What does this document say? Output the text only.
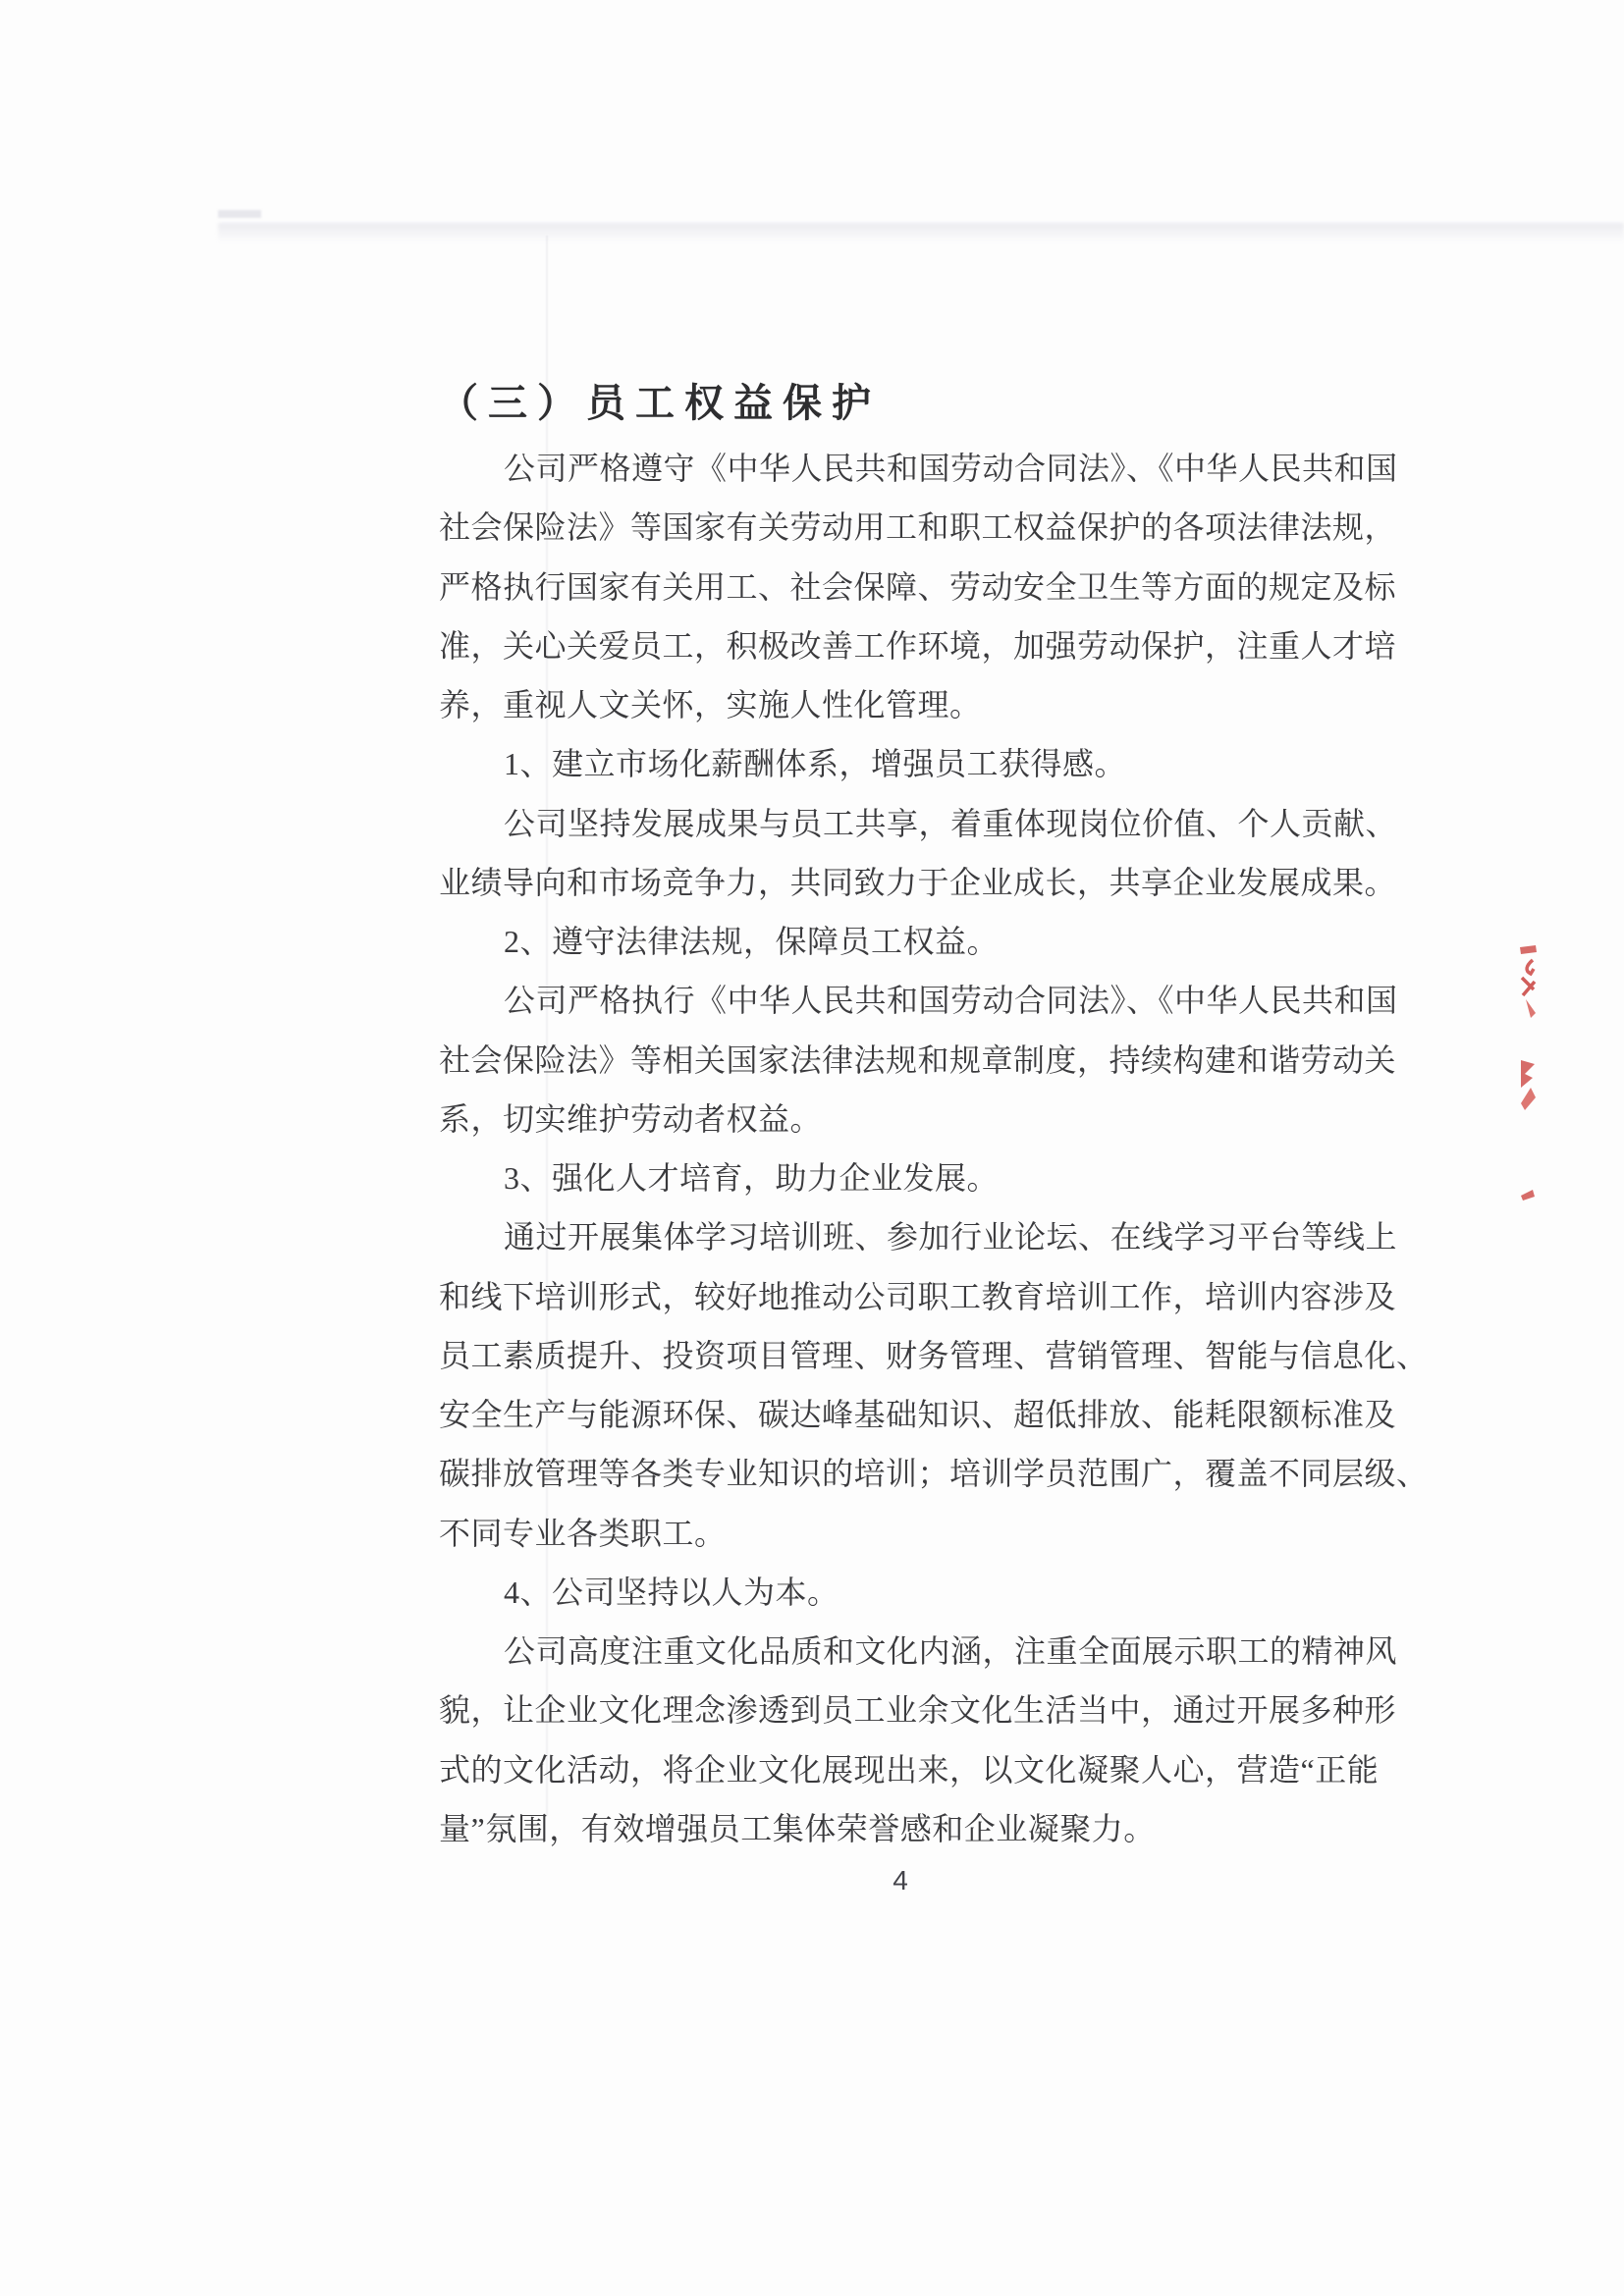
（三）员工权益保护
公司严格遵守《中华人民共和国劳动合同法》、《中华人民共和国
社会保险法》等国家有关劳动用工和职工权益保护的各项法律法规，
严格执行国家有关用工、社会保障、劳动安全卫生等方面的规定及标
准，关心关爱员工，积极改善工作环境，加强劳动保护，注重人才培
养，重视人文关怀，实施人性化管理。
1、建立市场化薪酬体系，增强员工获得感。
公司坚持发展成果与员工共享，着重体现岗位价值、个人贡献、
业绩导向和市场竞争力，共同致力于企业成长，共享企业发展成果。
2、遵守法律法规，保障员工权益。
公司严格执行《中华人民共和国劳动合同法》、《中华人民共和国
社会保险法》等相关国家法律法规和规章制度，持续构建和谐劳动关
系，切实维护劳动者权益。
3、强化人才培育，助力企业发展。
通过开展集体学习培训班、参加行业论坛、在线学习平台等线上
和线下培训形式，较好地推动公司职工教育培训工作，培训内容涉及
员工素质提升、投资项目管理、财务管理、营销管理、智能与信息化、
安全生产与能源环保、碳达峰基础知识、超低排放、能耗限额标准及
碳排放管理等各类专业知识的培训；培训学员范围广，覆盖不同层级、
不同专业各类职工。
4、公司坚持以人为本。
公司高度注重文化品质和文化内涵，注重全面展示职工的精神风
貌，让企业文化理念渗透到员工业余文化生活当中，通过开展多种形
式的文化活动，将企业文化展现出来，以文化凝聚人心，营造“正能
量”氛围，有效增强员工集体荣誉感和企业凝聚力。
4
